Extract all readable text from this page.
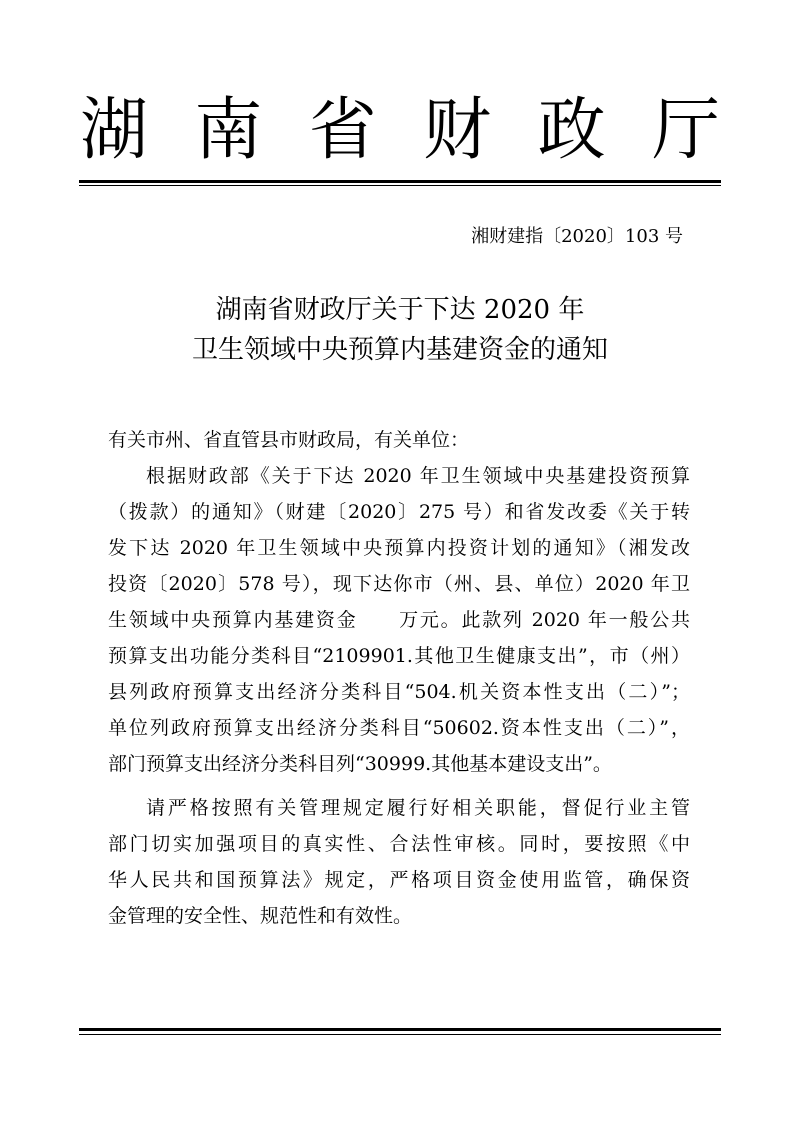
湖 南 省 财 政 厅
湘财建指〔2020〕103 号
湖南省财政厅关于下达 2020 年
卫生领域中央预算内基建资金的通知

有关市州、省直管县市财政局，有关单位：

根据财政部《关于下达 2020 年卫生领域中央基建投资预算

（拨款）的通知》（财建〔2020〕275 号）和省发改委《关于转

发下达 2020 年卫生领域中央预算内投资计划的通知》（湘发改

投资〔2020〕578 号），现下达你市（州、县、单位）2020 年卫

生领域中央预算内基建资金　　万元。此款列 2020 年一般公共

预算支出功能分类科目“2109901.其他卫生健康支出”，市（州）

县列政府预算支出经济分类科目“504.机关资本性支出（二）”；

单位列政府预算支出经济分类科目“50602.资本性支出（二）”，

部门预算支出经济分类科目列“30999.其他基本建设支出”。

请严格按照有关管理规定履行好相关职能，督促行业主管

部门切实加强项目的真实性、合法性审核。同时，要按照《中

华人民共和国预算法》规定，严格项目资金使用监管，确保资

金管理的安全性、规范性和有效性。
